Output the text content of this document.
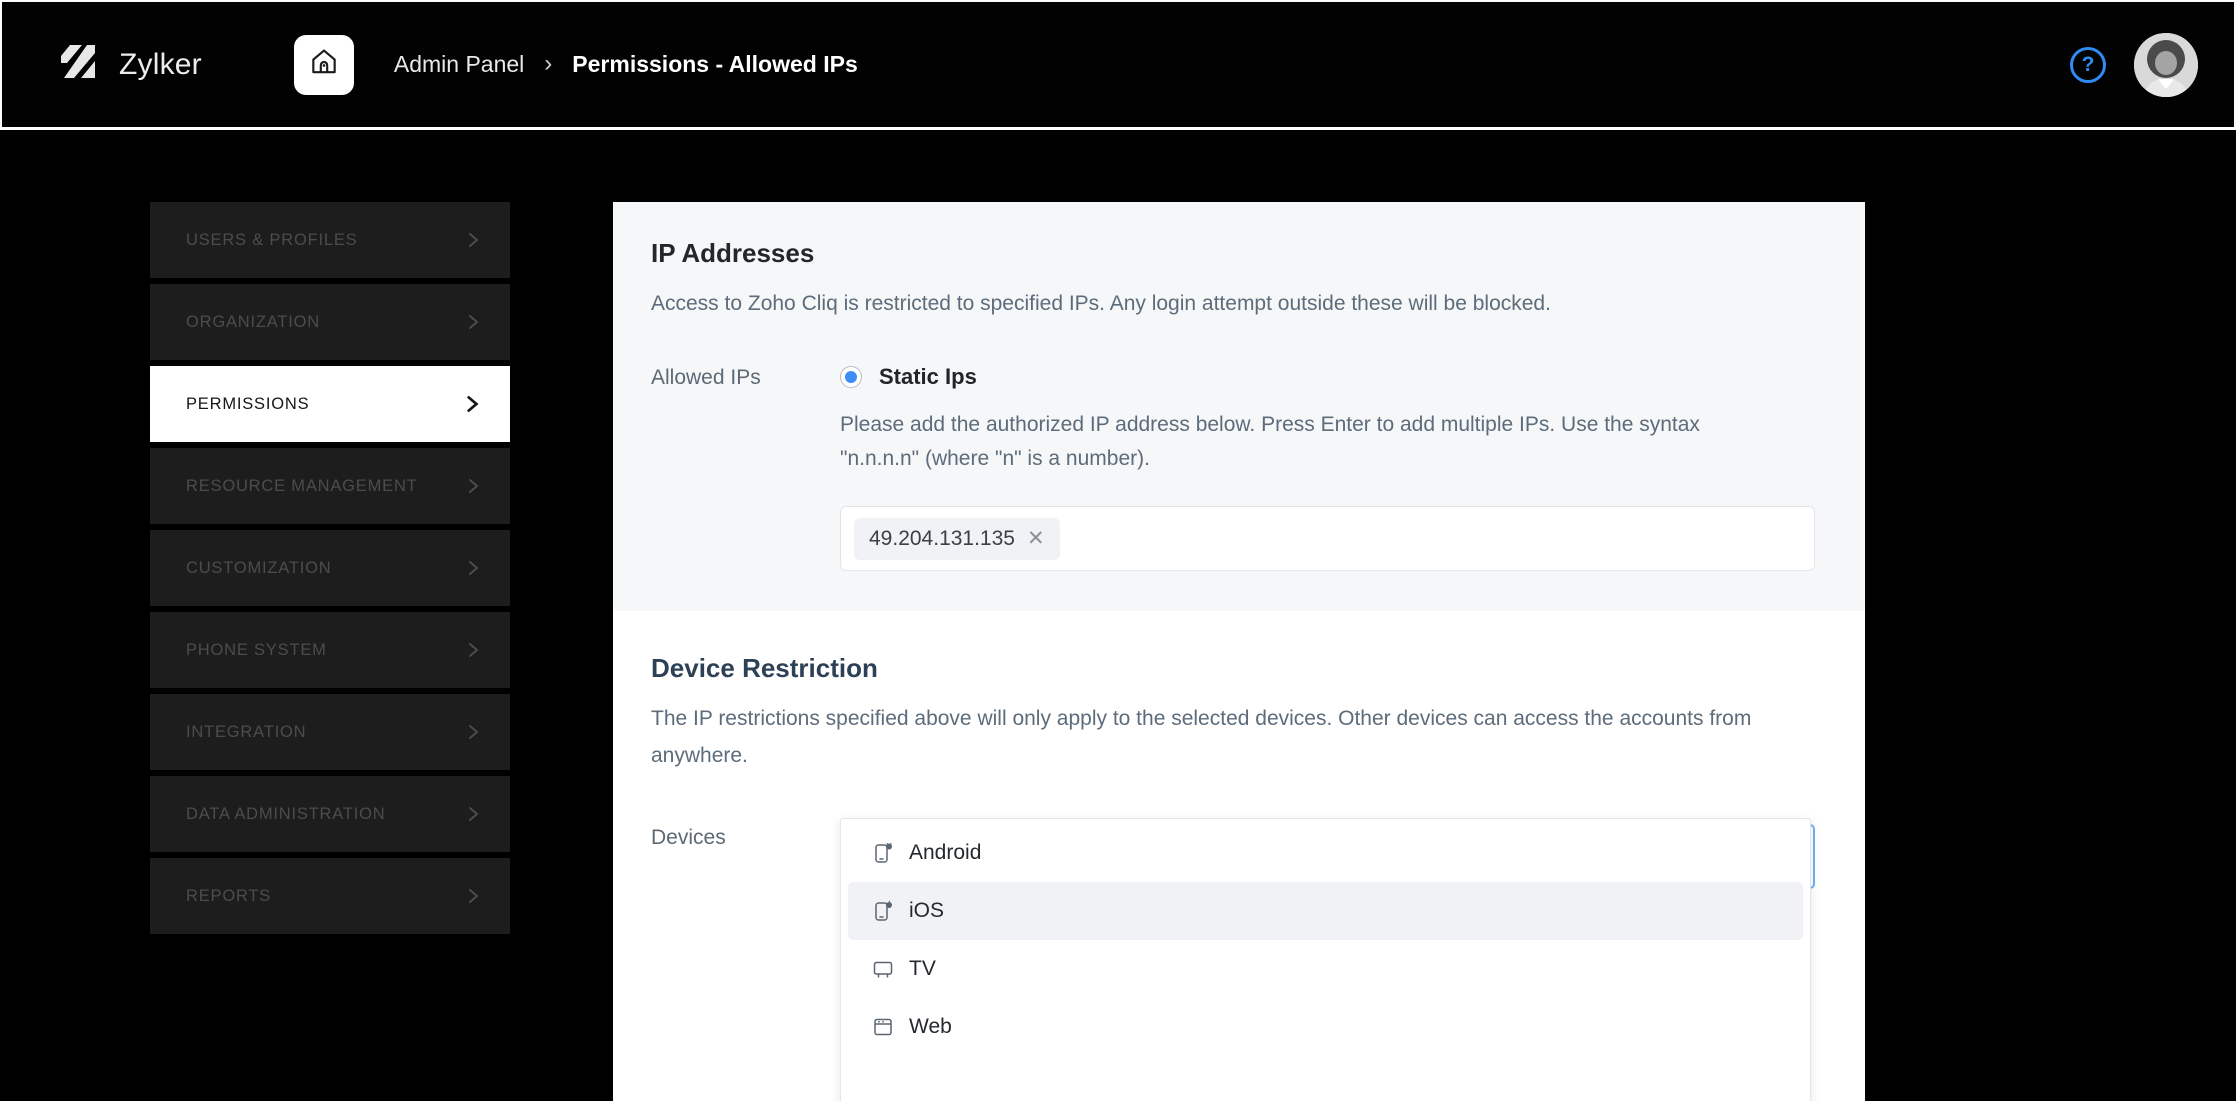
Zylker	Admin Panel › Permissions - Allowed IPs	?
USERS & PROFILES
ORGANIZATION
PERMISSIONS
RESOURCE MANAGEMENT
CUSTOMIZATION
PHONE SYSTEM
INTEGRATION
DATA ADMINISTRATION
REPORTS
IP Addresses
Access to Zoho Cliq is restricted to specified IPs. Any login attempt outside these will be blocked.
Allowed IPs	Static Ips
Please add the authorized IP address below. Press Enter to add multiple IPs. Use the syntax "n.n.n.n" (where "n" is a number).
49.204.131.135 ✕
Device Restriction
The IP restrictions specified above will only apply to the selected devices. Other devices can access the accounts from anywhere.
Devices
Android
iOS
TV
Web
